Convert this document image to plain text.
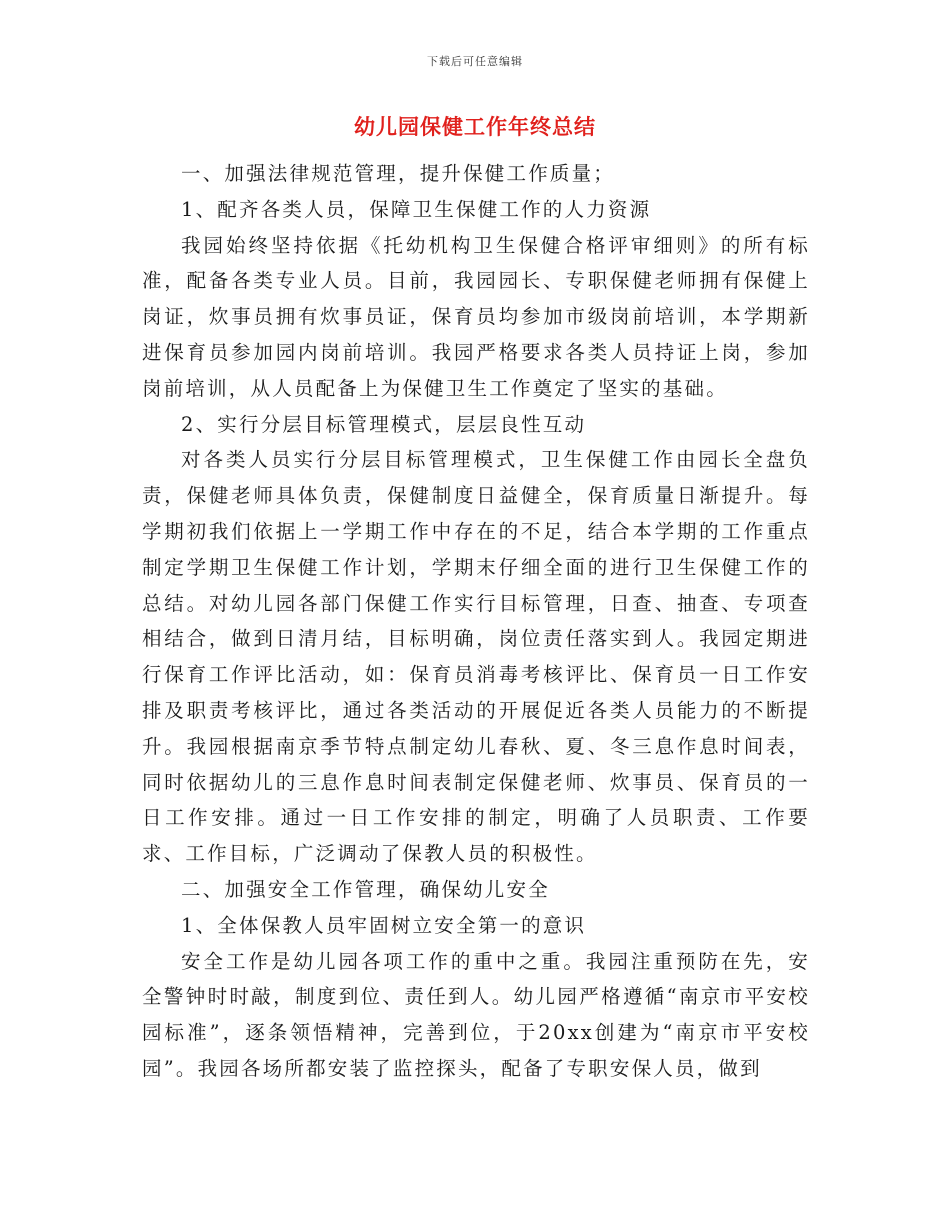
下载后可任意编辑
幼儿园保健工作年终总结

一、加强法律规范管理，提升保健工作质量；

1、配齐各类人员，保障卫生保健工作的人力资源

我园始终坚持依据《托幼机构卫生保健合格评审细则》的所有标准，配备各类专业人员。目前，我园园长、专职保健老师拥有保健上岗证，炊事员拥有炊事员证，保育员均参加市级岗前培训，本学期新进保育员参加园内岗前培训。我园严格要求各类人员持证上岗，参加岗前培训，从人员配备上为保健卫生工作奠定了坚实的基础。

2、实行分层目标管理模式，层层良性互动

对各类人员实行分层目标管理模式，卫生保健工作由园长全盘负责，保健老师具体负责，保健制度日益健全，保育质量日渐提升。每学期初我们依据上一学期工作中存在的不足，结合本学期的工作重点制定学期卫生保健工作计划，学期末仔细全面的进行卫生保健工作的总结。对幼儿园各部门保健工作实行目标管理，日查、抽查、专项查相结合，做到日清月结，目标明确，岗位责任落实到人。我园定期进行保育工作评比活动，如：保育员消毒考核评比、保育员一日工作安排及职责考核评比，通过各类活动的开展促近各类人员能力的不断提升。我园根据南京季节特点制定幼儿春秋、夏、冬三息作息时间表，同时依据幼儿的三息作息时间表制定保健老师、炊事员、保育员的一日工作安排。通过一日工作安排的制定，明确了人员职责、工作要求、工作目标，广泛调动了保教人员的积极性。

二、加强安全工作管理，确保幼儿安全

1、全体保教人员牢固树立安全第一的意识

安全工作是幼儿园各项工作的重中之重。我园注重预防在先，安全警钟时时敲，制度到位、责任到人。幼儿园严格遵循“南京市平安校园标准”，逐条领悟精神，完善到位，于20xx创建为“南京市平安校园”。我园各场所都安装了监控探头，配备了专职安保人员，做到
